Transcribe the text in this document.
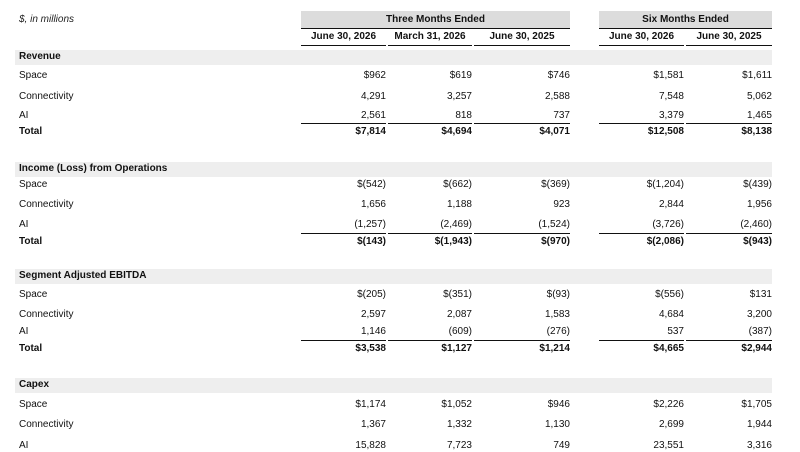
$, in millions	Three Months Ended	Six Months Ended
June 30, 2026	March 31, 2026	June 30, 2025	June 30, 2026	June 30, 2025
Revenue
Space	$962	$619	$746	$1,581	$1,611
Connectivity	4,291	3,257	2,588	7,548	5,062
AI	2,561	818	737	3,379	1,465
Total	$7,814	$4,694	$4,071	$12,508	$8,138
Income (Loss) from Operations
Space	$(542)	$(662)	$(369)	$(1,204)	$(439)
Connectivity	1,656	1,188	923	2,844	1,956
AI	(1,257)	(2,469)	(1,524)	(3,726)	(2,460)
Total	$(143)	$(1,943)	$(970)	$(2,086)	$(943)
Segment Adjusted EBITDA
Space	$(205)	$(351)	$(93)	$(556)	$131
Connectivity	2,597	2,087	1,583	4,684	3,200
AI	1,146	(609)	(276)	537	(387)
Total	$3,538	$1,127	$1,214	$4,665	$2,944
Capex
Space	$1,174	$1,052	$946	$2,226	$1,705
Connectivity	1,367	1,332	1,130	2,699	1,944
AI	15,828	7,723	749	23,551	3,316
